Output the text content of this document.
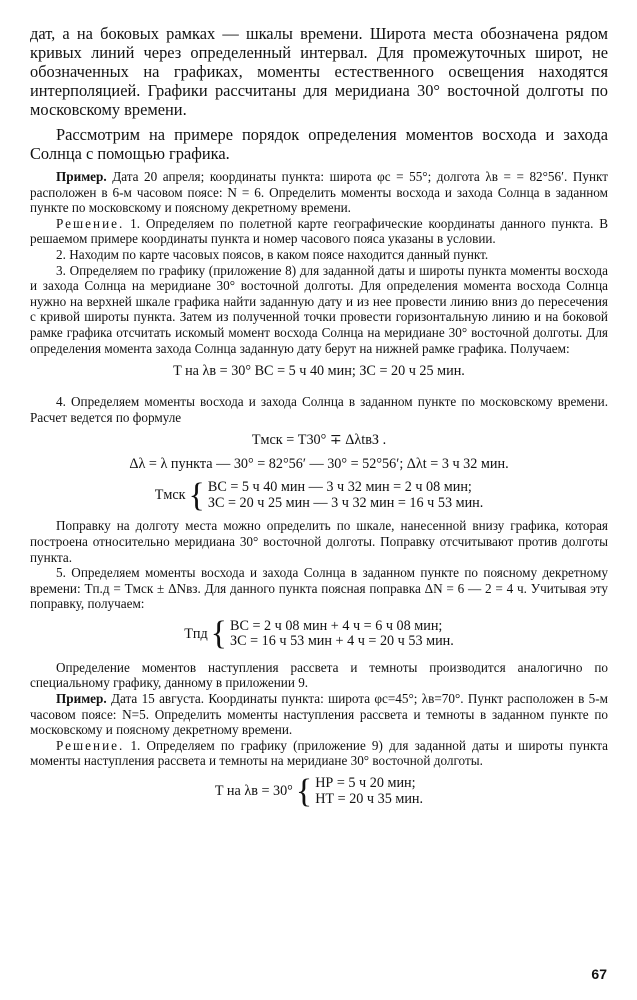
дат, а на боковых рамках — шкалы времени. Широта места обозначена рядом кривых линий через определенный интервал. Для промежуточных широт, не обозначенных на графиках, моменты естественного освещения находятся интерполяцией. Графики рассчитаны для меридиана 30° восточной долготы по московскому времени.

Рассмотрим на примере порядок определения моментов восхода и захода Солнца с помощью графика.

Пример. Дата 20 апреля; координаты пункта: широта φс = 55°; долгота λв = = 82°56′. Пункт расположен в 6-м часовом поясе: N = 6. Определить моменты восхода и захода Солнца в заданном пункте по московскому и поясному декретному времени.

Решение. 1. Определяем по полетной карте географические координаты данного пункта. В решаемом примере координаты пункта и номер часового пояса указаны в условии.

2. Находим по карте часовых поясов, в каком поясе находится данный пункт.

3. Определяем по графику (приложение 8) для заданной даты и широты пункта моменты восхода и захода Солнца на меридиане 30° восточной долготы. Для определения момента восхода Солнца нужно на верхней шкале графика найти заданную дату и из нее провести линию вниз до пересечения с кривой широты пункта. Затем из полученной точки провести горизонтальную линию и на боковой рамке графика отсчитать искомый момент восхода Солнца на меридиане 30° восточной долготы. Для определения момента захода Солнца заданную дату берут на нижней рамке графика. Получаем:

T на λв = 30° ВС = 5 ч 40 мин; ЗС = 20 ч 25 мин.

4. Определяем моменты восхода и захода Солнца в заданном пункте по московскому времени. Расчет ведется по формуле

Tмск = T30° ∓ ΔλtвЗ .
Δλ = λ пункта — 30° = 82°56′ — 30° = 52°56′; Δλt = 3 ч 32 мин.
Tмск { ВС = 5 ч 40 мин — 3 ч 32 мин = 2 ч 08 мин;
ЗС = 20 ч 25 мин — 3 ч 32 мин = 16 ч 53 мин.

Поправку на долготу места можно определить по шкале, нанесенной внизу графика, которая построена относительно меридиана 30° восточной долготы. Поправку отсчитывают против долготы пункта.

5. Определяем моменты восхода и захода Солнца в заданном пункте по поясному декретному времени: Tп.д = Tмск ± ΔNвз. Для данного пункта поясная поправка ΔN = 6 — 2 = 4 ч. Учитывая эту поправку, получаем:

Tпд { ВС = 2 ч 08 мин + 4 ч = 6 ч 08 мин;
ЗС = 16 ч 53 мин + 4 ч = 20 ч 53 мин.

Определение моментов наступления рассвета и темноты производится аналогично по специальному графику, данному в приложении 9.

Пример. Дата 15 августа. Координаты пункта: широта φс=45°; λв=70°. Пункт расположен в 5-м часовом поясе: N=5. Определить моменты наступления рассвета и темноты в заданном пункте по московскому и поясному декретному времени.

Решение. 1. Определяем по графику (приложение 9) для заданной даты и широты пункта моменты наступления рассвета и темноты на меридиане 30° восточной долготы.

T на λв = 30° { НР = 5 ч 20 мин;
НТ = 20 ч 35 мин.
67
